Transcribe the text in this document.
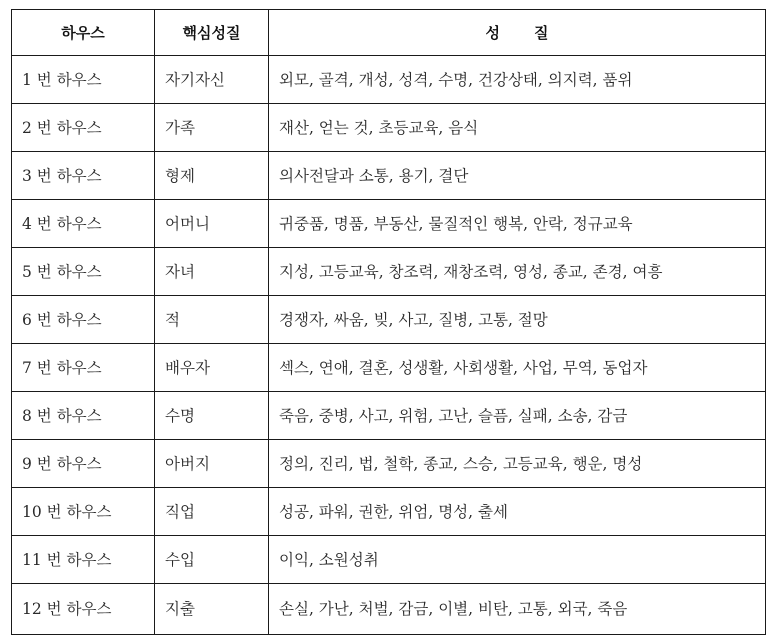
하우스	핵심성질	성질
1 번 하우스	자기자신	외모, 골격, 개성, 성격, 수명, 건강상태, 의지력, 품위
2 번 하우스	가족	재산, 얻는 것, 초등교육, 음식
3 번 하우스	형제	의사전달과 소통, 용기, 결단
4 번 하우스	어머니	귀중품, 명품, 부동산, 물질적인 행복, 안락, 정규교육
5 번 하우스	자녀	지성, 고등교육, 창조력, 재창조력, 영성, 종교, 존경, 여흥
6 번 하우스	적	경쟁자, 싸움, 빚, 사고, 질병, 고통, 절망
7 번 하우스	배우자	섹스, 연애, 결혼, 성생활, 사회생활, 사업, 무역, 동업자
8 번 하우스	수명	죽음, 중병, 사고, 위험, 고난, 슬픔, 실패, 소송, 감금
9 번 하우스	아버지	정의, 진리, 법, 철학, 종교, 스승, 고등교육, 행운, 명성
10 번 하우스	직업	성공, 파워, 권한, 위엄, 명성, 출세
11 번 하우스	수입	이익, 소원성취
12 번 하우스	지출	손실, 가난, 처벌, 감금, 이별, 비탄, 고통, 외국, 죽음
